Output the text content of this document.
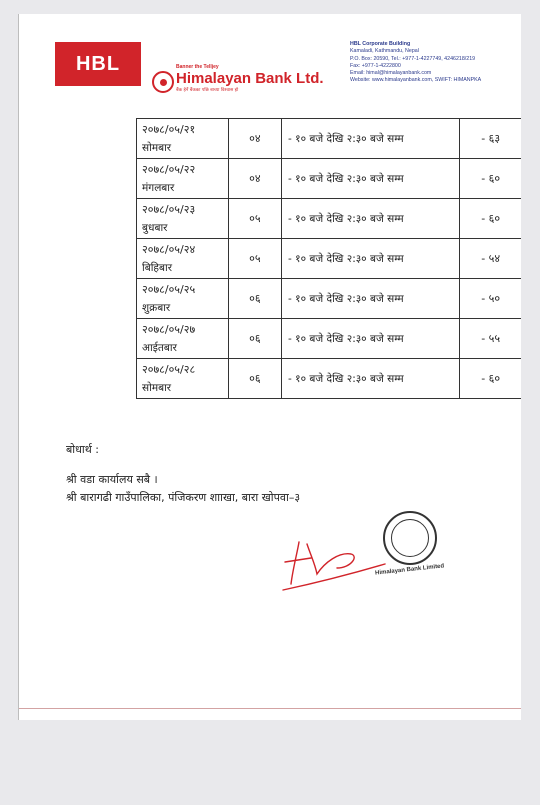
HBL	Banner the Telljey
Himalayan Bank Ltd.
बैंक हेर्ने बैंकका पछि बाच्या विश्वास हो
HBL Corporate Building
Kamaladi, Kathmandu, Nepal
P.O. Box: 20590, Tel.: +977-1-4227749, 4246218/219
Fax: +977-1-4222800
Email: himal@himalayanbank.com
Website: www.himalayanbank.com, SWIFT: HIMANPKA
२०७८/०५/२१
सोमबार	०४	- १० बजे देखि २:३० बजे सम्म	- ६३

२०७८/०५/२२
मंगलबार	०४	- १० बजे देखि २:३० बजे सम्म	- ६०

२०७८/०५/२३
बुधबार	०५	- १० बजे देखि २:३० बजे सम्म	- ६०

२०७८/०५/२४
बिहिबार	०५	- १० बजे देखि २:३० बजे सम्म	- ५४

२०७८/०५/२५
शुक्रबार	०६	- १० बजे देखि २:३० बजे सम्म	- ५०

२०७८/०५/२७
आईतबार	०६	- १० बजे देखि २:३० बजे सम्म	- ५५

२०७८/०५/२८
सोमबार	०६	- १० बजे देखि २:३० बजे सम्म	- ६०
बोधार्थ :
श्री वडा कार्यालय सबै ।
श्री बारागढी गाउँपालिका, पंजिकरण शााखा, बारा खोपवा–३
Himalayan Bank Limited
